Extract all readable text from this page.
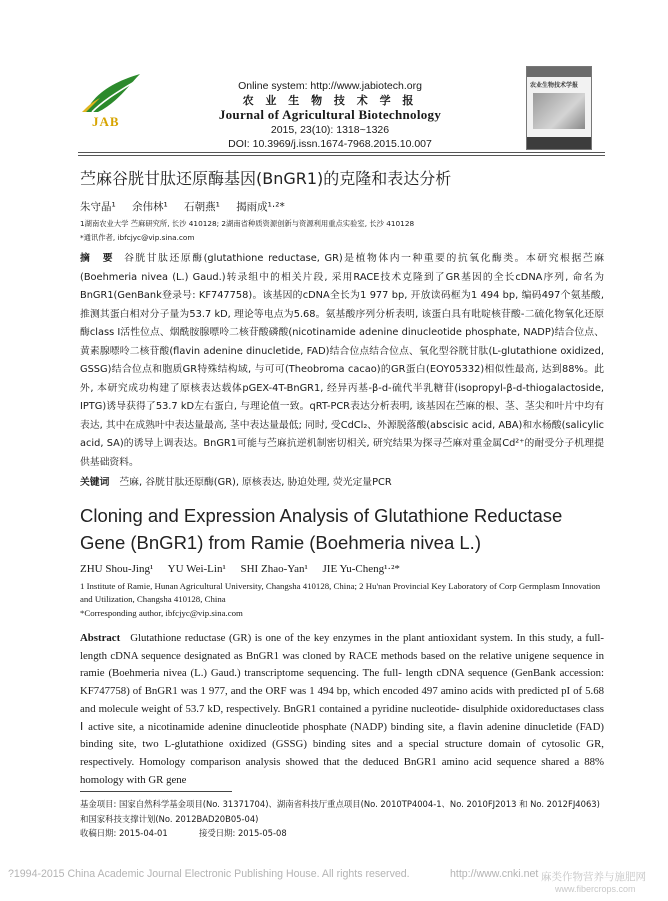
JAB
Online system: http://www.jabiotech.org
农 业 生 物 技 术 学 报
Journal of Agricultural Biotechnology
2015, 23(10): 1318~1326
DOI: 10.3969/j.issn.1674-7968.2015.10.007
农业生物技术学报
苎麻谷胱甘肽还原酶基因(BnGR1)的克隆和表达分析
朱守晶¹ 余伟林¹ 石朝燕¹ 揭雨成¹·²*
1湖南农业大学 苎麻研究所, 长沙 410128; 2湖南省种质资源创新与资源利用重点实验室, 长沙 410128
*通讯作者, ibfcjyc@vip.sina.com
摘　要 谷胱甘肽还原酶(glutathione reductase, GR)是植物体内一种重要的抗氧化酶类。本研究根据苎麻(Boehmeria nivea (L.) Gaud.)转录组中的相关片段, 采用RACE技术克隆到了GR基因的全长cDNA序列, 命名为BnGR1(GenBank登录号: KF747758)。该基因的cDNA全长为1 977 bp, 开放读码框为1 494 bp, 编码497个氨基酸, 推测其蛋白相对分子量为53.7 kD, 理论等电点为5.68。氨基酸序列分析表明, 该蛋白具有吡啶核苷酸-二硫化物氧化还原酶class Ⅰ活性位点、烟酰胺腺嘌呤二核苷酸磷酸(nicotinamide adenine dinucleotide phosphate, NADP)结合位点、黄素腺嘌呤二核苷酸(flavin adenine dinucletide, FAD)结合位点结合位点、氧化型谷胱甘肽(L-glutathione oxidized, GSSG)结合位点和胞质GR特殊结构域, 与可可(Theobroma cacao)的GR蛋白(EOY05332)相似性最高, 达到88%。此外, 本研究成功构建了原核表达载体pGEX-4T-BnGR1, 经异丙基-β-d-硫代半乳糖苷(isopropyl-β-d-thiogalactoside, IPTG)诱导获得了53.7 kD左右蛋白, 与理论值一致。qRT-PCR表达分析表明, 该基因在苎麻的根、茎、茎尖和叶片中均有表达, 其中在成熟叶中表达量最高, 茎中表达量最低; 同时, 受CdCl₂、外源脱落酸(abscisic acid, ABA)和水杨酸(salicylic acid, SA)的诱导上调表达。BnGR1可能与苎麻抗逆机制密切相关, 研究结果为探寻苎麻对重金属Cd²⁺的耐受分子机理提供基础资料。
关键词 苎麻, 谷胱甘肽还原酶(GR), 原核表达, 胁迫处理, 荧光定量PCR
Cloning and Expression Analysis of Glutathione Reductase Gene (BnGR1) from Ramie (Boehmeria nivea L.)
ZHU Shou-Jing¹ YU Wei-Lin¹ SHI Zhao-Yan¹ JIE Yu-Cheng¹·²*
1 Institute of Ramie, Hunan Agricultural University, Changsha 410128, China; 2 Hu'nan Provincial Key Laboratory of Corp Germplasm Innovation and Utilization, Changsha 410128, China
*Corresponding author, ibfcjyc@vip.sina.com
Abstract Glutathione reductase (GR) is one of the key enzymes in the plant antioxidant system. In this study, a full-length cDNA sequence designated as BnGR1 was cloned by RACE methods based on the relative unigene sequence in ramie (Boehmeria nivea (L.) Gaud.) transcriptome sequencing. The full- length cDNA sequence (GenBank accession: KF747758) of BnGR1 was 1 977, and the ORF was 1 494 bp, which encoded 497 amino acids with predicted pI of 5.68 and molecule weight of 53.7 kD, respectively. BnGR1 contained a pyridine nucleotide- disulphide oxidoreductases class Ⅰ active site, a nicotinamide adenine dinucleotide phosphate (NADP) binding site, a flavin adenine dinucletide (FAD) binding site, two L-glutathione oxidized (GSSG) binding sites and a special structure domain of cytosolic GR, respectively. Homology comparison analysis showed that the deduced BnGR1 amino acid sequence shared a 88% homology with GR gene
基金项目: 国家自然科学基金项目(No. 31371704)、湖南省科技厅重点项目(No. 2010TP4004-1、No. 2010FJ2013 和 No. 2012FJ4063)和国家科技支撑计划(No. 2012BAD20B05-04)
收稿日期: 2015-04-01	接受日期: 2015-05-08
?1994-2015 China Academic Journal Electronic Publishing House. All rights reserved.	http://www.cnki.net 麻类作物营养与施肥网
www.fibercrops.com
